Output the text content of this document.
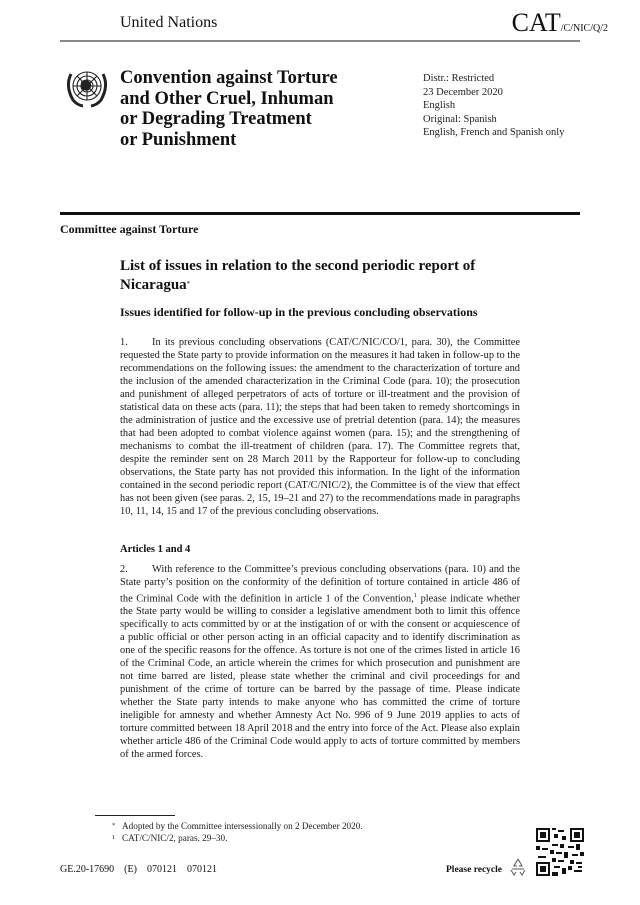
United Nations	CAT/C/NIC/Q/2
Convention against Torture
and Other Cruel, Inhuman
or Degrading Treatment
or Punishment
Distr.: Restricted
23 December 2020
English
Original: Spanish
English, French and Spanish only
Committee against Torture
List of issues in relation to the second periodic report of
Nicaragua*
Issues identified for follow-up in the previous concluding observations
1. In its previous concluding observations (CAT/C/NIC/CO/1, para. 30), the Committee requested the State party to provide information on the measures it had taken in follow-up to the recommendations on the following issues: the amendment to the characterization of torture and the inclusion of the amended characterization in the Criminal Code (para. 10); the prosecution and punishment of alleged perpetrators of acts of torture or ill-treatment and the provision of statistical data on these acts (para. 11); the steps that had been taken to remedy shortcomings in the administration of justice and the excessive use of pretrial detention (para. 14); the measures that had been adopted to combat violence against women (para. 15); and the strengthening of mechanisms to combat the ill-treatment of children (para. 17). The Committee regrets that, despite the reminder sent on 28 March 2011 by the Rapporteur for follow-up to concluding observations, the State party has not provided this information. In the light of the information contained in the second periodic report (CAT/C/NIC/2), the Committee is of the view that effect has not been given (see paras. 2, 15, 19–21 and 27) to the recommendations made in paragraphs 10, 11, 14, 15 and 17 of the previous concluding observations.
Articles 1 and 4
2. With reference to the Committee’s previous concluding observations (para. 10) and the State party’s position on the conformity of the definition of torture contained in article 486 of the Criminal Code with the definition in article 1 of the Convention,$^1$ please indicate whether the State party would be willing to consider a legislative amendment both to limit this offence specifically to acts committed by or at the instigation of or with the consent or acquiescence of a public official or other person acting in an official capacity and to identify discrimination as one of the specific reasons for the offence. As torture is not one of the crimes listed in article 16 of the Criminal Code, an article wherein the crimes for which prosecution and punishment are not time barred are listed, please state whether the criminal and civil proceedings for and punishment of the crime of torture can be barred by the passage of time. Please indicate whether the State party intends to make anyone who has committed the crime of torture ineligible for amnesty and whether Amnesty Act No. 996 of 9 June 2019 applies to acts of torture committed between 18 April 2018 and the entry into force of the Act. Please also explain whether article 486 of the Criminal Code would apply to acts of torture committed by members of the armed forces.
* Adopted by the Committee intersessionally on 2 December 2020.
1 CAT/C/NIC/2, paras. 29–30.
GE.20-17690 (E) 070121 070121	Please recycle
